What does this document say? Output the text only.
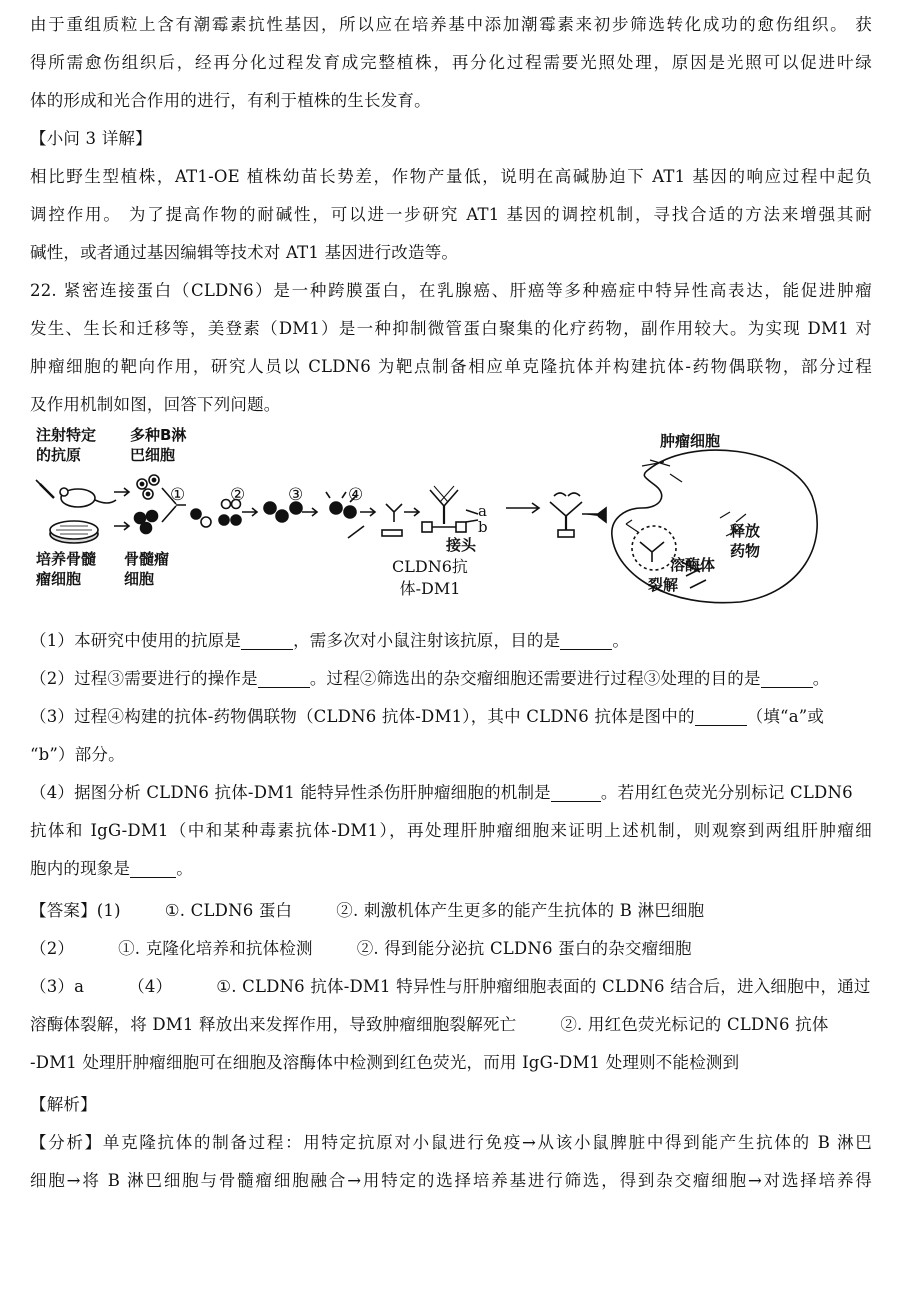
由于重组质粒上含有潮霉素抗性基因，所以应在培养基中添加潮霉素来初步筛选转化成功的愈伤组织。 获
得所需愈伤组织后，经再分化过程发育成完整植株，再分化过程需要光照处理，原因是光照可以促进叶绿
体的形成和光合作用的进行，有利于植株的生长发育。
【小问 3 详解】
相比野生型植株，AT1-OE 植株幼苗长势差，作物产量低，说明在高碱胁迫下 AT1 基因的响应过程中起负
调控作用。 为了提高作物的耐碱性，可以进一步研究 AT1 基因的调控机制，寻找合适的方法来增强其耐
碱性，或者通过基因编辑等技术对 AT1 基因进行改造等。
22. 紧密连接蛋白（CLDN6）是一种跨膜蛋白，在乳腺癌、肝癌等多种癌症中特异性高表达，能促进肿瘤
发生、生长和迁移等，美登素（DM1）是一种抑制微管蛋白聚集的化疗药物，副作用较大。为实现 DM1 对
肿瘤细胞的靶向作用，研究人员以 CLDN6 为靶点制备相应单克隆抗体并构建抗体-药物偶联物，部分过程
及作用机制如图，回答下列问题。
注射特定
的抗原
多种B淋
巴细胞
培养骨髓
瘤细胞
骨髓瘤
细胞
①	②	③	④
a
b
接头
CLDN6抗
体-DM1
肿瘤细胞
释放
药物
溶酶体
裂解
（1）本研究中使用的抗原是	，需多次对小鼠注射该抗原，目的是	。
（2）过程③需要进行的操作是	。过程②筛选出的杂交瘤细胞还需要进行过程③处理的目的是	。
（3）过程④构建的抗体-药物偶联物（CLDN6 抗体-DM1），其中 CLDN6 抗体是图中的	（填“a”或
“b”）部分。
（4）据图分析 CLDN6 抗体-DM1 能特异性杀伤肝肿瘤细胞的机制是	。若用红色荧光分别标记 CLDN6
抗体和 IgG-DM1（中和某种毒素抗体-DM1），再处理肝肿瘤细胞来证明上述机制，则观察到两组肝肿瘤细
胞内的现象是	。
【答案】(1)	①. CLDN6 蛋白	②. 刺激机体产生更多的能产生抗体的 B 淋巴细胞
（2）	①. 克隆化培养和抗体检测	②. 得到能分泌抗 CLDN6 蛋白的杂交瘤细胞
（3）a	（4）	①. CLDN6 抗体-DM1 特异性与肝肿瘤细胞表面的 CLDN6 结合后，进入细胞中，通过
溶酶体裂解，将 DM1 释放出来发挥作用，导致肿瘤细胞裂解死亡	②. 用红色荧光标记的 CLDN6 抗体
-DM1 处理肝肿瘤细胞可在细胞及溶酶体中检测到红色荧光，而用 IgG-DM1 处理则不能检测到
【解析】
【分析】单克隆抗体的制备过程：用特定抗原对小鼠进行免疫→从该小鼠脾脏中得到能产生抗体的 B 淋巴
细胞→将 B 淋巴细胞与骨髓瘤细胞融合→用特定的选择培养基进行筛选，得到杂交瘤细胞→对选择培养得
